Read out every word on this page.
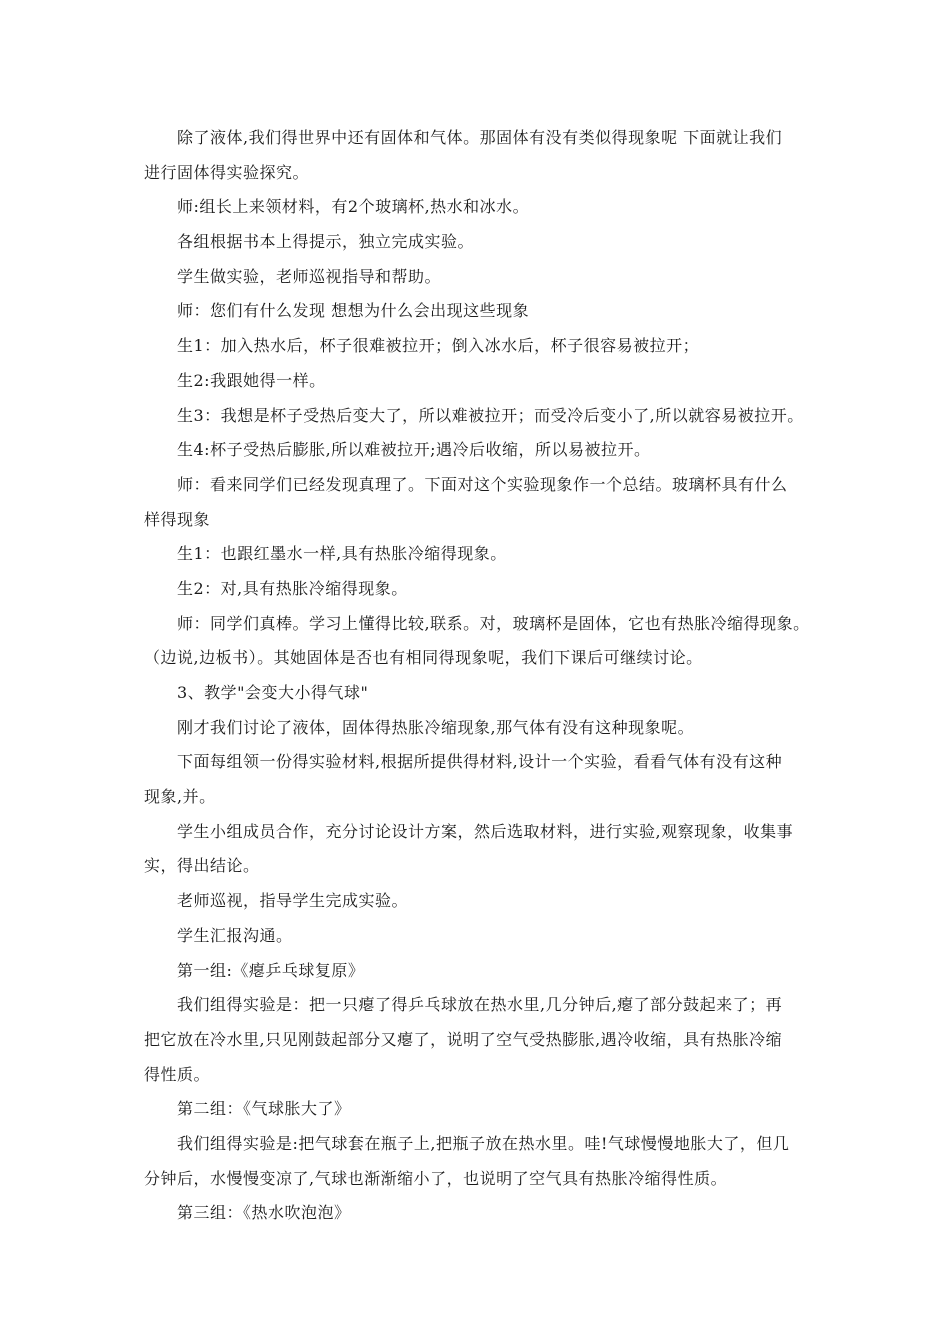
除了液体,我们得世界中还有固体和气体。那固体有没有类似得现象呢 下面就让我们
进行固体得实验探究。
师:组长上来领材料，有2个玻璃杯,热水和冰水。
各组根据书本上得提示，独立完成实验。
学生做实验，老师巡视指导和帮助。
师：您们有什么发现 想想为什么会出现这些现象
生1：加入热水后，杯子很难被拉开；倒入冰水后，杯子很容易被拉开；
生2:我跟她得一样。
生3：我想是杯子受热后变大了，所以难被拉开；而受冷后变小了,所以就容易被拉开。
生4:杯子受热后膨胀,所以难被拉开;遇冷后收缩，所以易被拉开。
师：看来同学们已经发现真理了。下面对这个实验现象作一个总结。玻璃杯具有什么
样得现象
生1：也跟红墨水一样,具有热胀冷缩得现象。
生2：对,具有热胀冷缩得现象。
师：同学们真棒。学习上懂得比较,联系。对，玻璃杯是固体，它也有热胀冷缩得现象。
（边说,边板书）。其她固体是否也有相同得现象呢，我们下课后可继续讨论。
3、教学"会变大小得气球"
刚才我们讨论了液体，固体得热胀冷缩现象,那气体有没有这种现象呢。
下面每组领一份得实验材料,根据所提供得材料,设计一个实验，看看气体有没有这种
现象,并。
学生小组成员合作，充分讨论设计方案，然后选取材料，进行实验,观察现象，收集事
实，得出结论。
老师巡视，指导学生完成实验。
学生汇报沟通。
第一组:《瘪乒乓球复原》
我们组得实验是：把一只瘪了得乒乓球放在热水里,几分钟后,瘪了部分鼓起来了；再
把它放在冷水里,只见刚鼓起部分又瘪了，说明了空气受热膨胀,遇冷收缩，具有热胀冷缩
得性质。
第二组：《气球胀大了》
我们组得实验是:把气球套在瓶子上,把瓶子放在热水里。哇!气球慢慢地胀大了，但几
分钟后，水慢慢变凉了,气球也渐渐缩小了，也说明了空气具有热胀冷缩得性质。
第三组：《热水吹泡泡》
